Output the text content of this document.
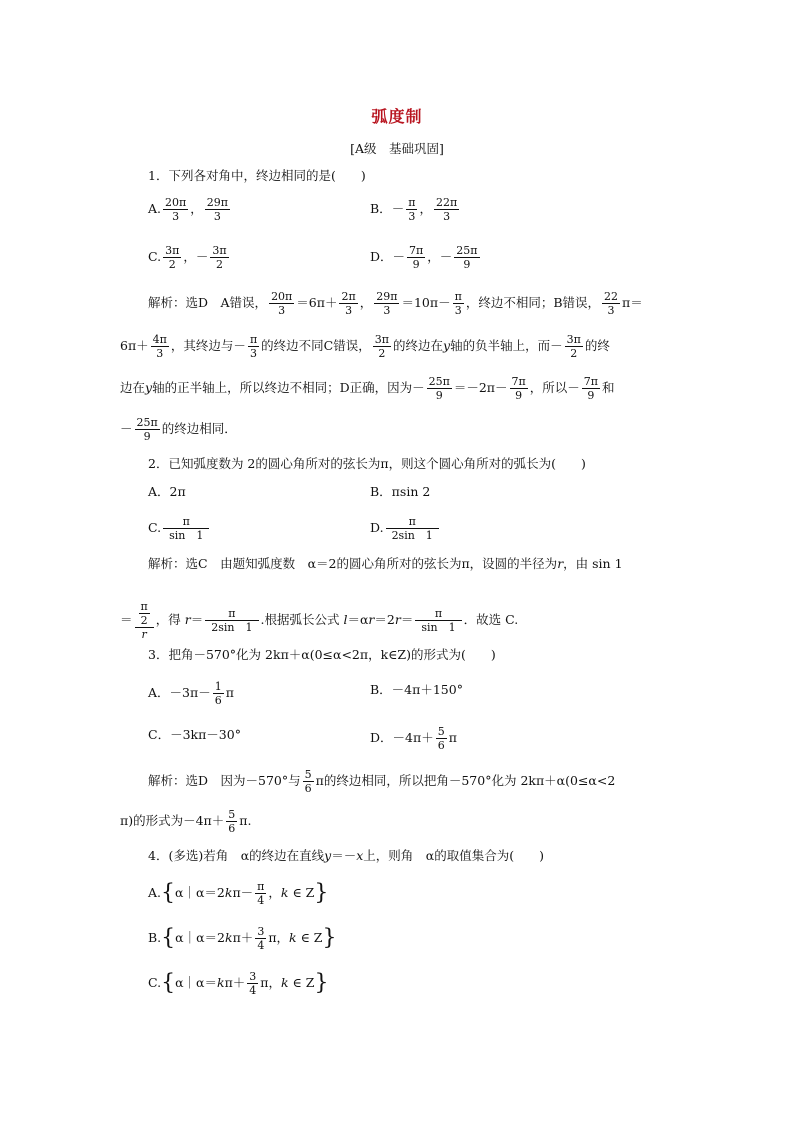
弧度制
[A级　基础巩固]
1．下列各对角中，终边相同的是(　　)
A. $\frac{20\pi}{3}$ ， $\frac{29\pi}{3}$	B．－ $\frac{\pi}{3}$ ， $\frac{22\pi}{3}$
C. $\frac{3\pi}{2}$ ，－ $\frac{3\pi}{2}$	D．－ $\frac{7\pi}{9}$ ，－ $\frac{25\pi}{9}$
解析：选D　A错误， $\frac{20\pi}{3} =6\pi+ \frac{2\pi}{3}$ ， $\frac{29\pi}{3} =10\pi- \frac{\pi}{3}$ ，终边不相同；B错误， $\frac{22}{3} \pi=$
$6\pi+ \frac{4\pi}{3}$ ，其终边与－ $\frac{\pi}{3}$ 的终边不同C错误， $\frac{3\pi}{2}$ 的终边在y轴的负半轴上，而－ $\frac{3\pi}{2}$ 的终
边在y轴的正半轴上，所以终边不相同；D正确，因为－ $\frac{25\pi}{9} =-2\pi- \frac{7\pi}{9}$ ，所以－ $\frac{7\pi}{9}$ 和
－ $\frac{25\pi}{9}$ 的终边相同．
2．已知弧度数为 2的圆心角所对的弦长为π，则这个圆心角所对的弧长为(　　)
A．2π	B．πsin 2
C. $\frac{\pi}{\sin 1}$	D. $\frac{\pi}{2\sin 1}$
解析：选C　由题知弧度数　α＝2的圆心角所对的弦长为π，设圆的半径为r，由 sin 1
＝ $\frac{\frac{\pi}{2}}{r}$ ，得 $r= \frac{\pi}{2\sin 1}$ .根据弧长公式 $l=\alpha r=2r= \frac{\pi}{\sin 1}$ ．故选 C.
3．把角－570°化为 2kπ＋α(0≤α<2π，k∈Z)的形式为(　　)
A．$-3\pi- \frac{1}{6}$ π	B．－4π＋150°
C．－3kπ－30°	D．$-4\pi+ \frac{5}{6}$ π
解析：选D　因为－570°与 $\frac{5}{6}$ π的终边相同，所以把角－570°化为 2kπ＋α(0≤α<2
π)的形式为$-4\pi+ \frac{5}{6} \pi$.
4．(多选)若角　α的终边在直线y＝－x上，则角　α的取值集合为(　　)
A.{α｜α＝2kπ－ $\frac{\pi}{4}$ ，k ∈ Z}
B.{α｜α＝2kπ＋ $\frac{3}{4}$ π，k ∈ Z}
C.{α｜α＝kπ＋ $\frac{3}{4}$ π，k ∈ Z}
